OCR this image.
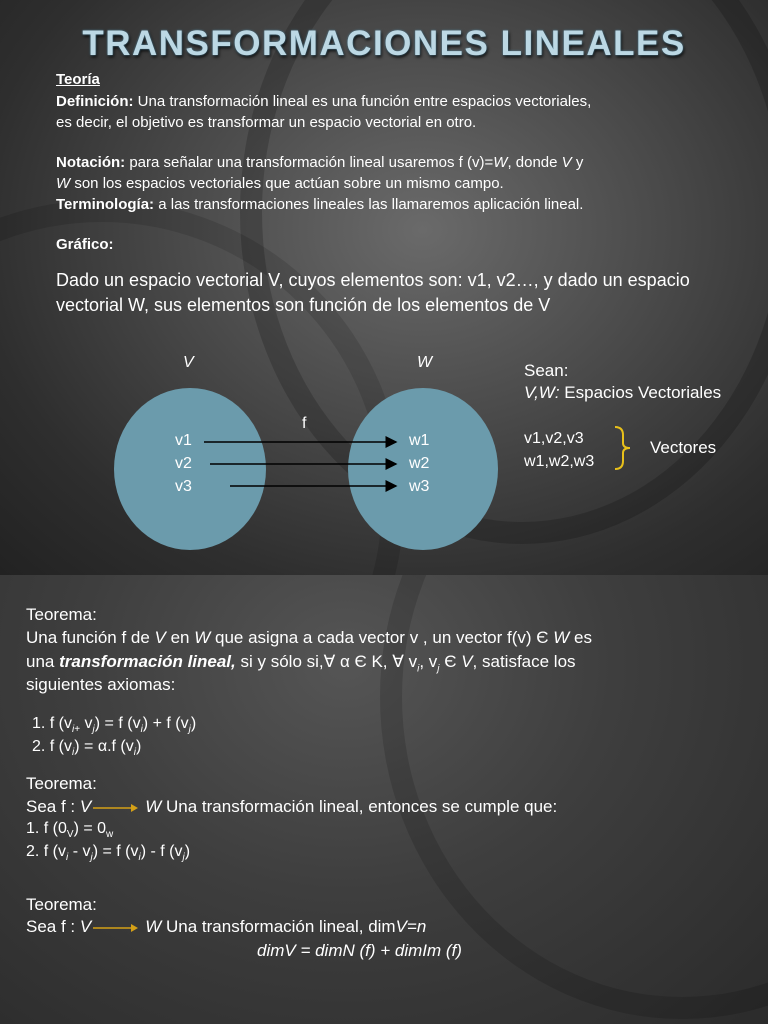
TRANSFORMACIONES LINEALES
Teoría
Definición: Una transformación lineal es una función entre espacios vectoriales,
es decir, el objetivo es transformar un espacio vectorial en otro.
Notación: para señalar una transformación lineal usaremos f (v)=W, donde V y
W son los espacios vectoriales que actúan sobre un mismo campo.
Terminología: a las transformaciones lineales las llamaremos aplicación lineal.
Gráfico:
Dado un espacio vectorial V, cuyos elementos son: v1, v2…, y dado un espacio
vectorial W, sus elementos son función de los elementos de V
V	W
f
v1
v2
v3
w1
w2
w3
Sean:
V,W: Espacios Vectoriales
v1,v2,v3
w1,w2,w3
Vectores
Teorema:
Una función f de V en W que asigna a cada vector v , un vector f(v) Є W es
una transformación lineal, si y sólo si,∀ α Є K, ∀ $v_i$, $v_j$ Є V, satisface los
siguientes axiomas:
1. f ($v_{i+}$ $v_j) = f$ $(v_i) + f$ $(v_j)$
2. f $(v_i) = \alpha.f$ $(v_i)$
Teorema:
Sea f : V	W Una transformación lineal, entonces se cumple que:
1. f $(0_V) = 0_w$
2. f $(v_i - v_j) = f$ $(v_i)$ - f $(v_j)$
Teorema:
Sea f : V	W Una transformación lineal, dimV=n
dimV = dimN (f) + dimIm (f)
